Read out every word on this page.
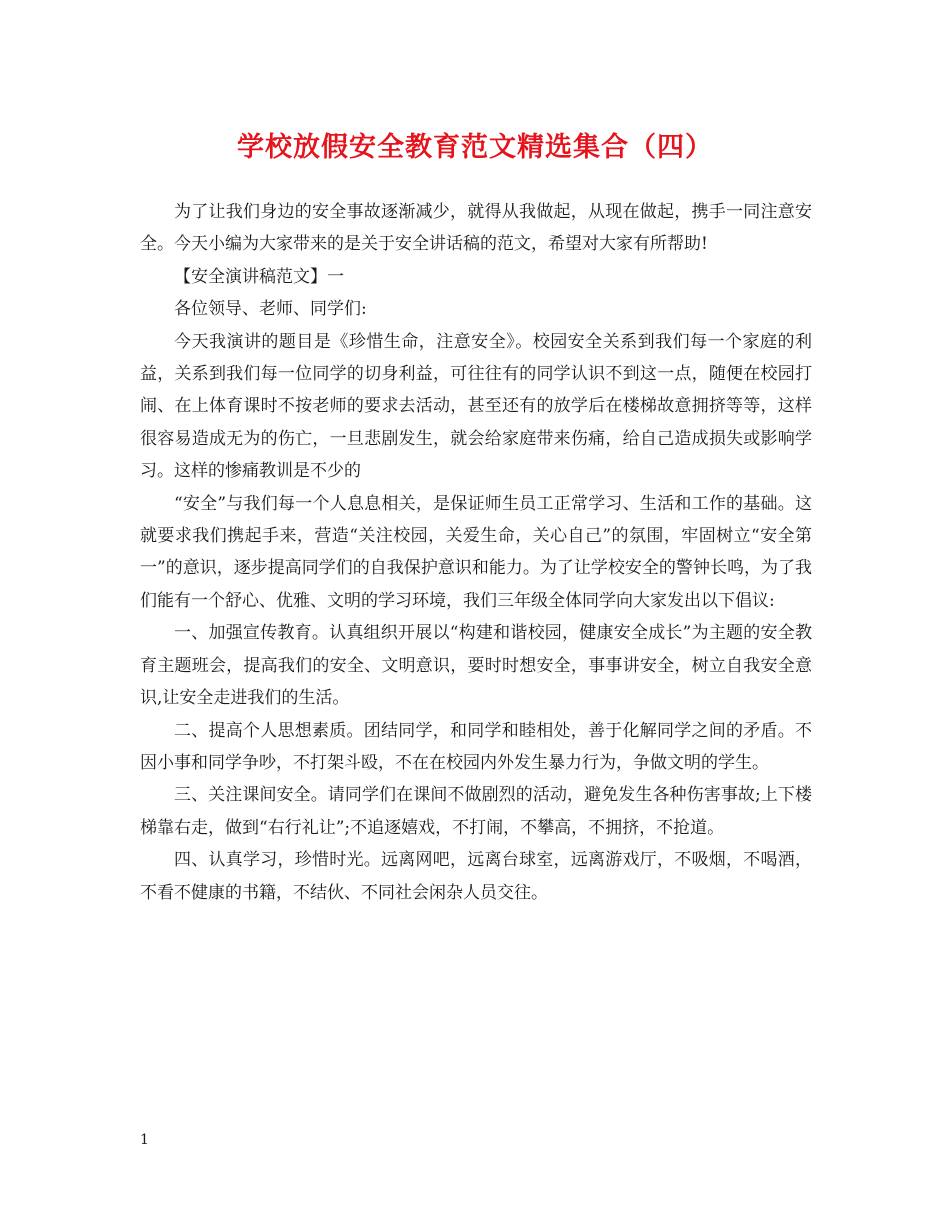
学校放假安全教育范文精选集合（四）

为了让我们身边的安全事故逐渐减少，就得从我做起，从现在做起，携手一同注意安全。今天小编为大家带来的是关于安全讲话稿的范文，希望对大家有所帮助!

【安全演讲稿范文】一

各位领导、老师、同学们:

今天我演讲的题目是《珍惜生命，注意安全》。校园安全关系到我们每一个家庭的利益，关系到我们每一位同学的切身利益，可往往有的同学认识不到这一点，随便在校园打闹、在上体育课时不按老师的要求去活动，甚至还有的放学后在楼梯故意拥挤等等，这样很容易造成无为的伤亡，一旦悲剧发生，就会给家庭带来伤痛，给自己造成损失或影响学习。这样的惨痛教训是不少的

“安全”与我们每一个人息息相关，是保证师生员工正常学习、生活和工作的基础。这就要求我们携起手来，营造“关注校园，关爱生命，关心自己”的氛围，牢固树立“安全第一”的意识，逐步提高同学们的自我保护意识和能力。为了让学校安全的警钟长鸣，为了我们能有一个舒心、优雅、文明的学习环境，我们三年级全体同学向大家发出以下倡议:

一、加强宣传教育。认真组织开展以“构建和谐校园，健康安全成长”为主题的安全教育主题班会，提高我们的安全、文明意识，要时时想安全，事事讲安全，树立自我安全意识,让安全走进我们的生活。

二、提高个人思想素质。团结同学，和同学和睦相处，善于化解同学之间的矛盾。不因小事和同学争吵，不打架斗殴，不在在校园内外发生暴力行为，争做文明的学生。

三、关注课间安全。请同学们在课间不做剧烈的活动，避免发生各种伤害事故;上下楼梯靠右走，做到“右行礼让”;不追逐嬉戏，不打闹，不攀高，不拥挤，不抢道。

四、认真学习，珍惜时光。远离网吧，远离台球室，远离游戏厅，不吸烟，不喝酒，不看不健康的书籍，不结伙、不同社会闲杂人员交往。

1
